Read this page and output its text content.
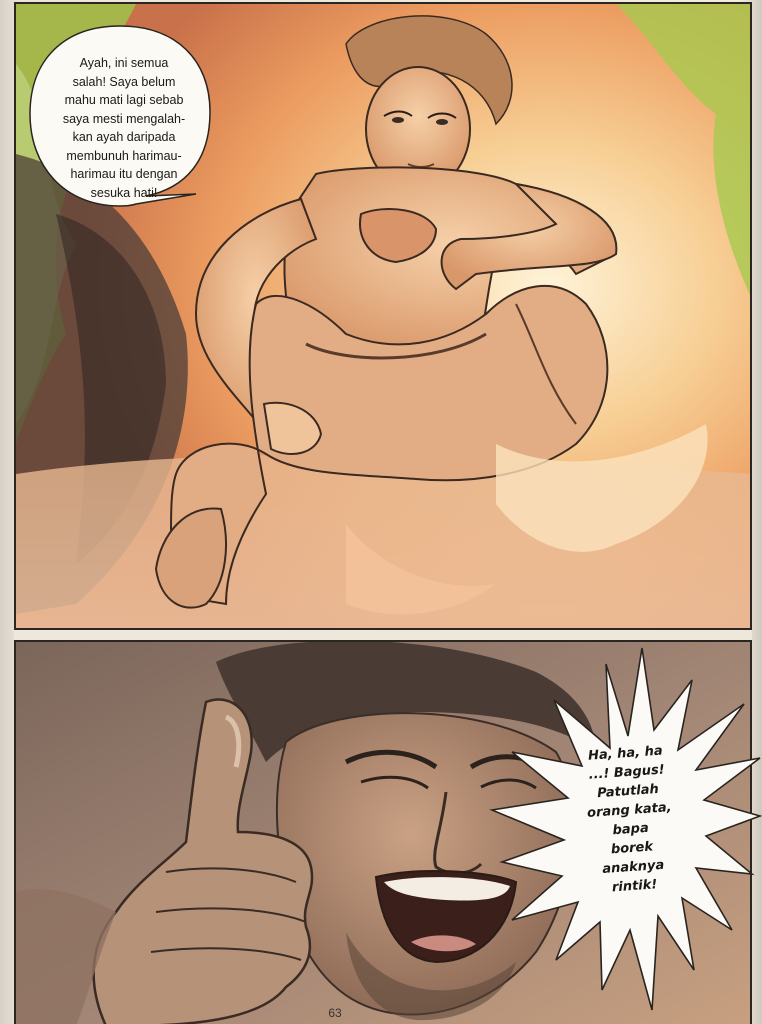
Ayah, ini semua
salah! Saya belum
mahu mati lagi sebab
saya mesti mengalah-
kan ayah daripada
membunuh harimau-
harimau itu dengan
sesuka hati!
Ha, ha, ha
...! Bagus!
Patutlah
orang kata,
bapa
borek
anaknya
rintik!
63
